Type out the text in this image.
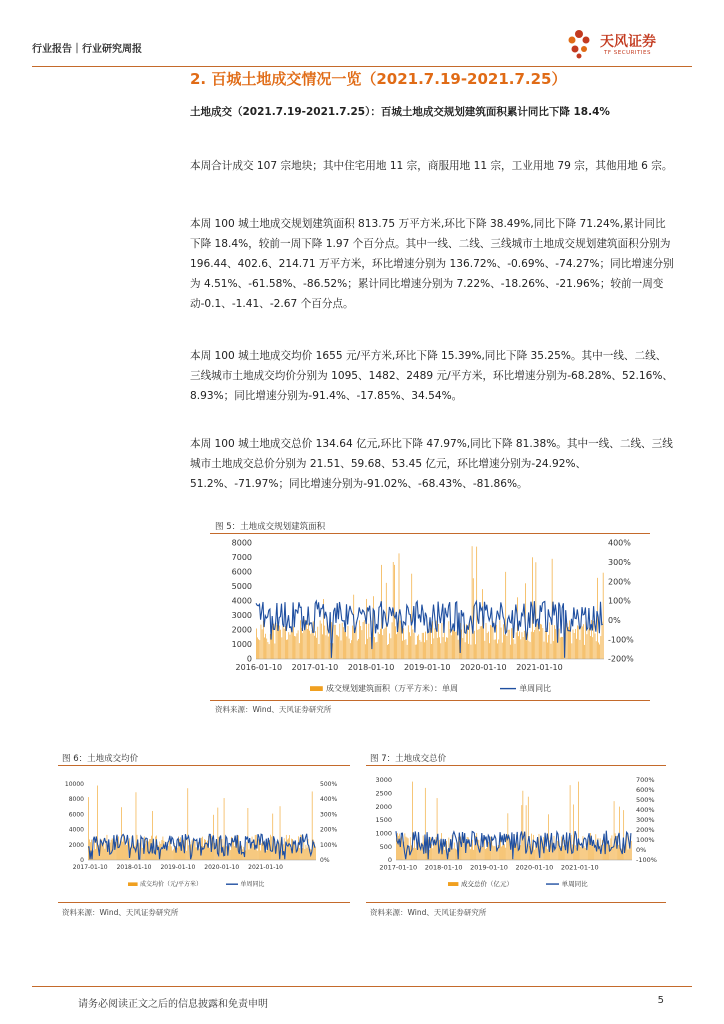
行业报告｜行业研究周报	天风证券
TF SECURITIES
2. 百城土地成交情况一览（2021.7.19-2021.7.25）
土地成交（2021.7.19-2021.7.25）：百城土地成交规划建筑面积累计同比下降 18.4%

本周合计成交 107 宗地块；其中住宅用地 11 宗，商服用地 11 宗，工业用地 79 宗，其他用地 6 宗。

本周 100 城土地成交规划建筑面积 813.75 万平方米,环比下降 38.49%,同比下降 71.24%,累计同比下降 18.4%，较前一周下降 1.97 个百分点。其中一线、二线、三线城市土地成交规划建筑面积分别为 196.44、402.6、214.71 万平方米，环比增速分别为 136.72%、-0.69%、-74.27%；同比增速分别为 4.51%、-61.58%、-86.52%；累计同比增速分别为 7.22%、-18.26%、-21.96%；较前一周变动-0.1、-1.41、-2.67 个百分点。

本周 100 城土地成交均价 1655 元/平方米,环比下降 15.39%,同比下降 35.25%。其中一线、二线、三线城市土地成交均价分别为 1095、1482、2489 元/平方米，环比增速分别为-68.28%、52.16%、8.93%；同比增速分别为-91.4%、-17.85%、34.54%。

本周 100 城土地成交总价 134.64 亿元,环比下降 47.97%,同比下降 81.38%。其中一线、二线、三线城市土地成交总价分别为 21.51、59.68、53.45 亿元，环比增速分别为-24.92%、51.2%、-71.97%；同比增速分别为-91.02%、-68.43%、-81.86%。

图 5：土地成交规划建筑面积
0
1000
2000
3000
4000
5000
6000
7000
8000
-200%
-100%
0%
100%
200%
300%
400%
2016-01-10 2017-01-10 2018-01-10 2019-01-10 2020-01-10 2021-01-10
成交规划建筑面积（万平方米）：单周	单周同比
资料来源：Wind、天风证券研究所
图 6：土地成交均价
0
2000
4000
6000
8000
10000
0%
100%
200%
300%
400%
500%
2017-01-10 2018-01-10 2019-01-10 2020-01-10 2021-01-10
成交均价（元/平方米）	单周同比
资料来源：Wind、天风证券研究所
图 7：土地成交总价
0
500
1000
1500
2000
2500
3000
-100%
0%
100%
200%
300%
400%
500%
600%
700%
2017-01-10 2018-01-10 2019-01-10 2020-01-10 2021-01-10
成交总价（亿元）	单周同比
资料来源：Wind、天风证券研究所
请务必阅读正文之后的信息披露和免责申明	5
